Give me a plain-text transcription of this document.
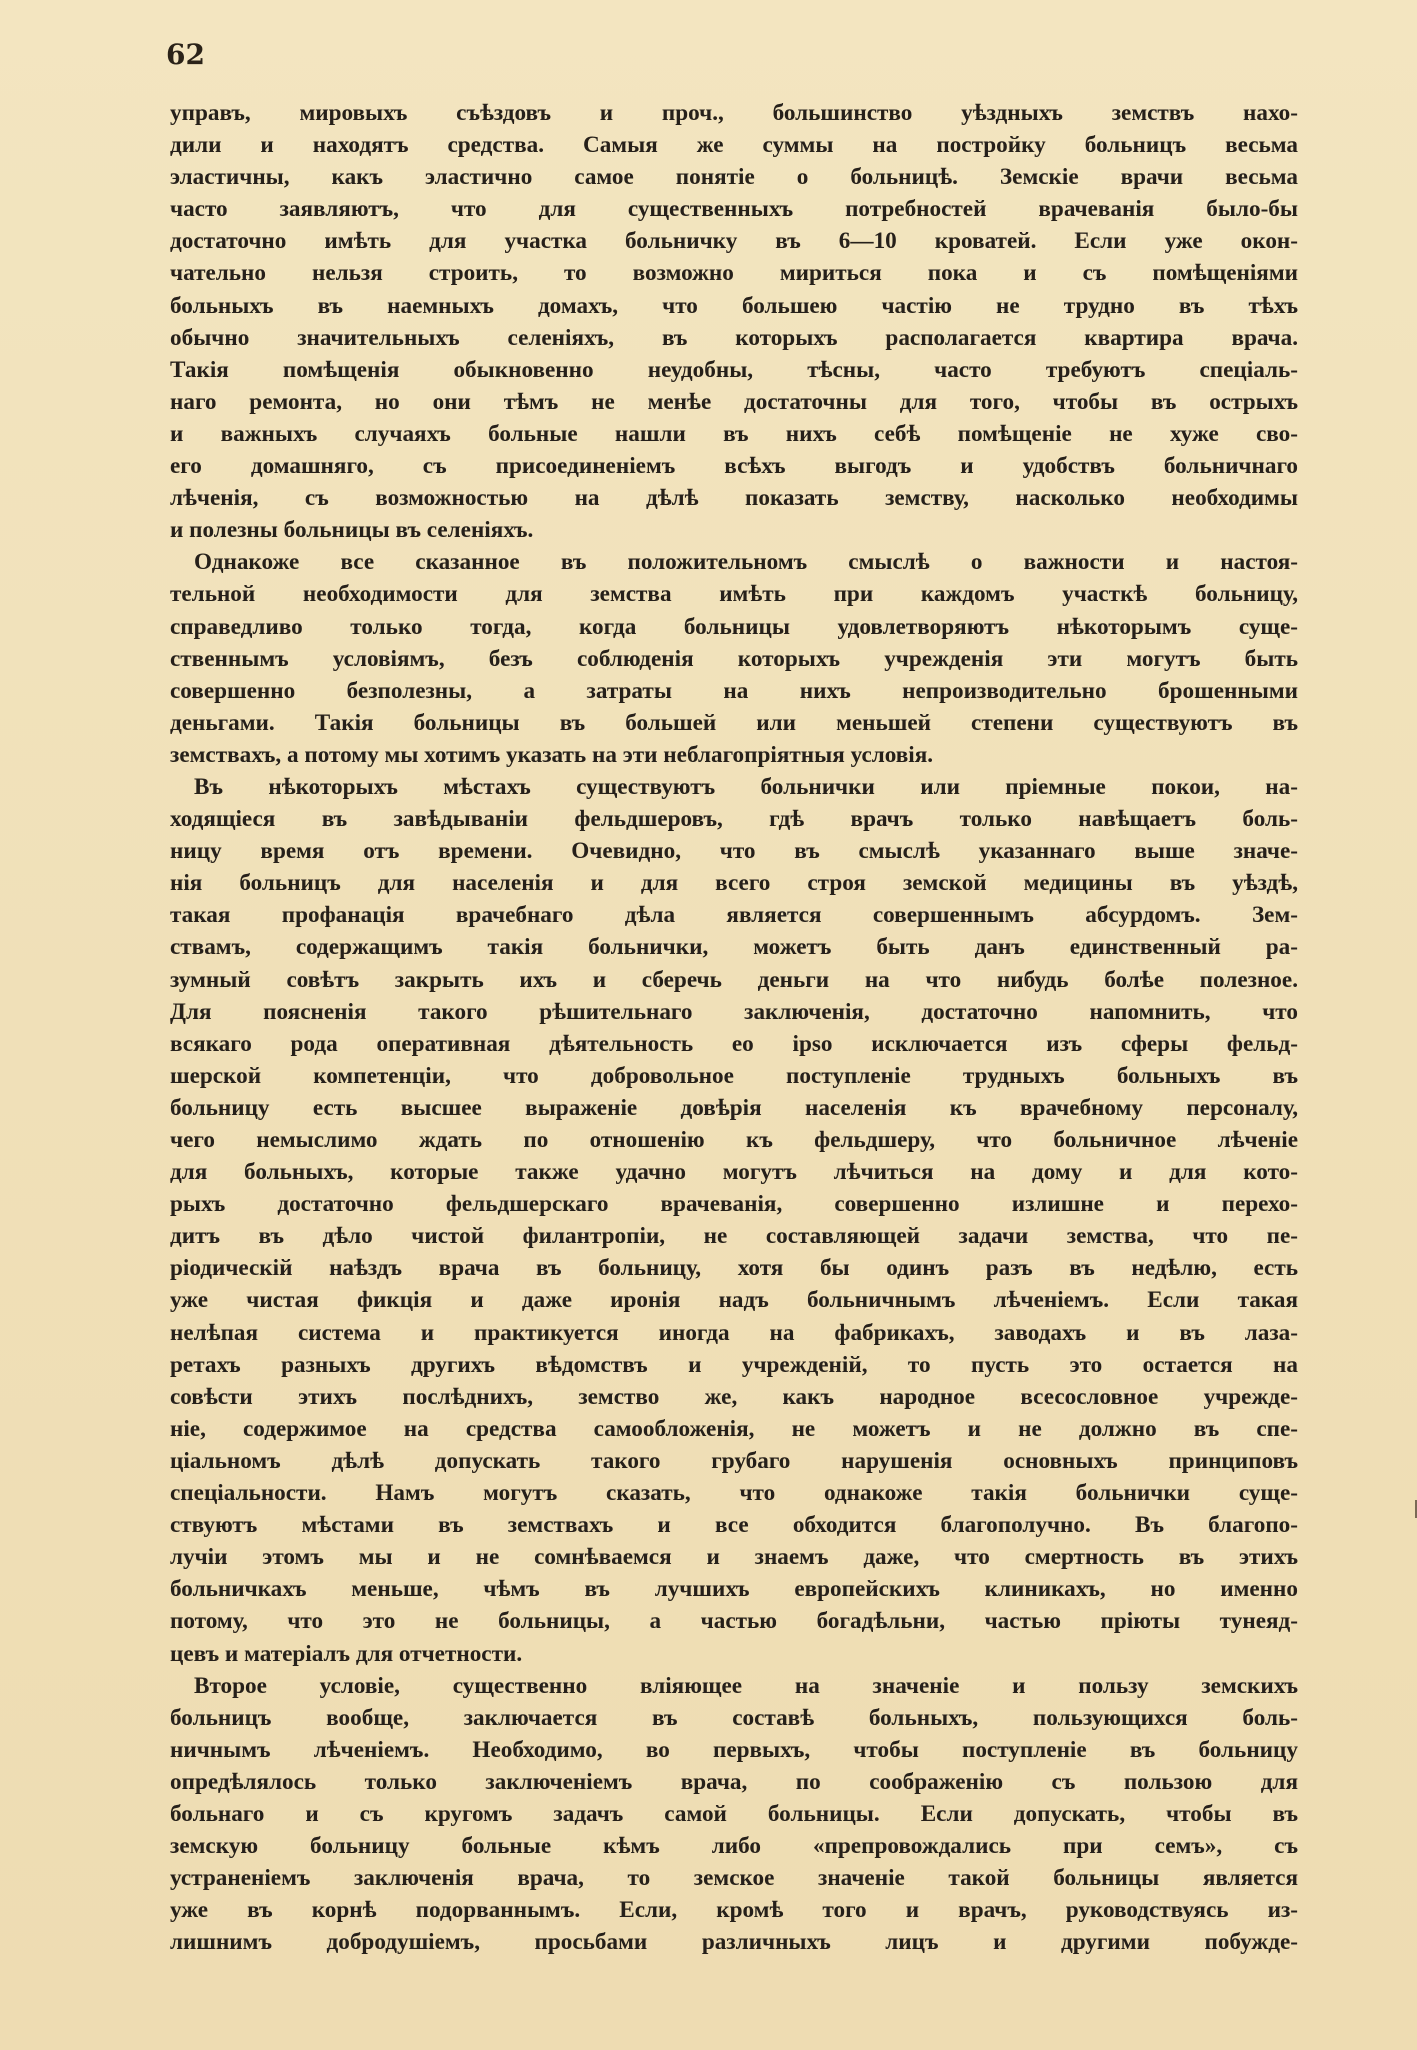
62

управъ, мировыхъ съѣздовъ и проч., большинство уѣздныхъ земствъ нахо-
дили и находятъ средства. Самыя же суммы на постройку больницъ весьма
эластичны, какъ эластично самое понятіе о больницѣ. Земскіе врачи весьма
часто заявляютъ, что для существенныхъ потребностей врачеванія было-бы
достаточно имѣть для участка больничку въ 6—10 кроватей. Если уже окон-
чательно нельзя строить, то возможно мириться пока и съ помѣщеніями
больныхъ въ наемныхъ домахъ, что большею частію не трудно въ тѣхъ
обычно значительныхъ селеніяхъ, въ которыхъ располагается квартира врача.
Такія помѣщенія обыкновенно неудобны, тѣсны, часто требуютъ спеціаль-
наго ремонта, но они тѣмъ не менѣе достаточны для того, чтобы въ острыхъ
и важныхъ случаяхъ больные нашли въ нихъ себѣ помѣщеніе не хуже сво-
его домашняго, съ присоединеніемъ всѣхъ выгодъ и удобствъ больничнаго
лѣченія, съ возможностью на дѣлѣ показать земству, насколько необходимы
и полезны больницы въ селеніяхъ.
Однакоже все сказанное въ положительномъ смыслѣ о важности и настоя-
тельной необходимости для земства имѣть при каждомъ участкѣ больницу,
справедливо только тогда, когда больницы удовлетворяютъ нѣкоторымъ суще-
ственнымъ условіямъ, безъ соблюденія которыхъ учрежденія эти могутъ быть
совершенно безполезны, а затраты на нихъ непроизводительно брошенными
деньгами. Такія больницы въ большей или меньшей степени существуютъ въ
земствахъ, а потому мы хотимъ указать на эти неблагопріятныя условія.
Въ нѣкоторыхъ мѣстахъ существуютъ больнички или пріемные покои, на-
ходящіеся въ завѣдываніи фельдшеровъ, гдѣ врачъ только навѣщаетъ боль-
ницу время отъ времени. Очевидно, что въ смыслѣ указаннаго выше значе-
нія больницъ для населенія и для всего строя земской медицины въ уѣздѣ,
такая профанація врачебнаго дѣла является совершеннымъ абсурдомъ. Зем-
ствамъ, содержащимъ такія больнички, можетъ быть данъ единственный ра-
зумный совѣтъ закрыть ихъ и сберечь деньги на что нибудь болѣе полезное.
Для поясненія такого рѣшительнаго заключенія, достаточно напомнить, что
всякаго рода оперативная дѣятельность eo ipso исключается изъ сферы фельд-
шерской компетенціи, что добровольное поступленіе трудныхъ больныхъ въ
больницу есть высшее выраженіе довѣрія населенія къ врачебному персоналу,
чего немыслимо ждать по отношенію къ фельдшеру, что больничное лѣченіе
для больныхъ, которые также удачно могутъ лѣчиться на дому и для кото-
рыхъ достаточно фельдшерскаго врачеванія, совершенно излишне и перехо-
дитъ въ дѣло чистой филантропіи, не составляющей задачи земства, что пе-
ріодическій наѣздъ врача въ больницу, хотя бы одинъ разъ въ недѣлю, есть
уже чистая фикція и даже иронія надъ больничнымъ лѣченіемъ. Если такая
нелѣпая система и практикуется иногда на фабрикахъ, заводахъ и въ лаза-
ретахъ разныхъ другихъ вѣдомствъ и учрежденій, то пусть это остается на
совѣсти этихъ послѣднихъ, земство же, какъ народное всесословное учрежде-
ніе, содержимое на средства самообложенія, не можетъ и не должно въ спе-
ціальномъ дѣлѣ допускать такого грубаго нарушенія основныхъ принциповъ
спеціальности. Намъ могутъ сказать, что однакоже такія больнички суще-
ствуютъ мѣстами въ земствахъ и все обходится благополучно. Въ благопо-
лучіи этомъ мы и не сомнѣваемся и знаемъ даже, что смертность въ этихъ
больничкахъ меньше, чѣмъ въ лучшихъ европейскихъ клиникахъ, но именно
потому, что это не больницы, а частью богадѣльни, частью пріюты тунеяд-
цевъ и матеріалъ для отчетности.
Второе условіе, существенно вліяющее на значеніе и пользу земскихъ
больницъ вообще, заключается въ составѣ больныхъ, пользующихся боль-
ничнымъ лѣченіемъ. Необходимо, во первыхъ, чтобы поступленіе въ больницу
опредѣлялось только заключеніемъ врача, по соображенію съ пользою для
больнаго и съ кругомъ задачъ самой больницы. Если допускать, чтобы въ
земскую больницу больные кѣмъ либо «препровождались при семъ», съ
устраненіемъ заключенія врача, то земское значеніе такой больницы является
уже въ корнѣ подорваннымъ. Если, кромѣ того и врачъ, руководствуясь из-
лишнимъ добродушіемъ, просьбами различныхъ лицъ и другими побужде-
